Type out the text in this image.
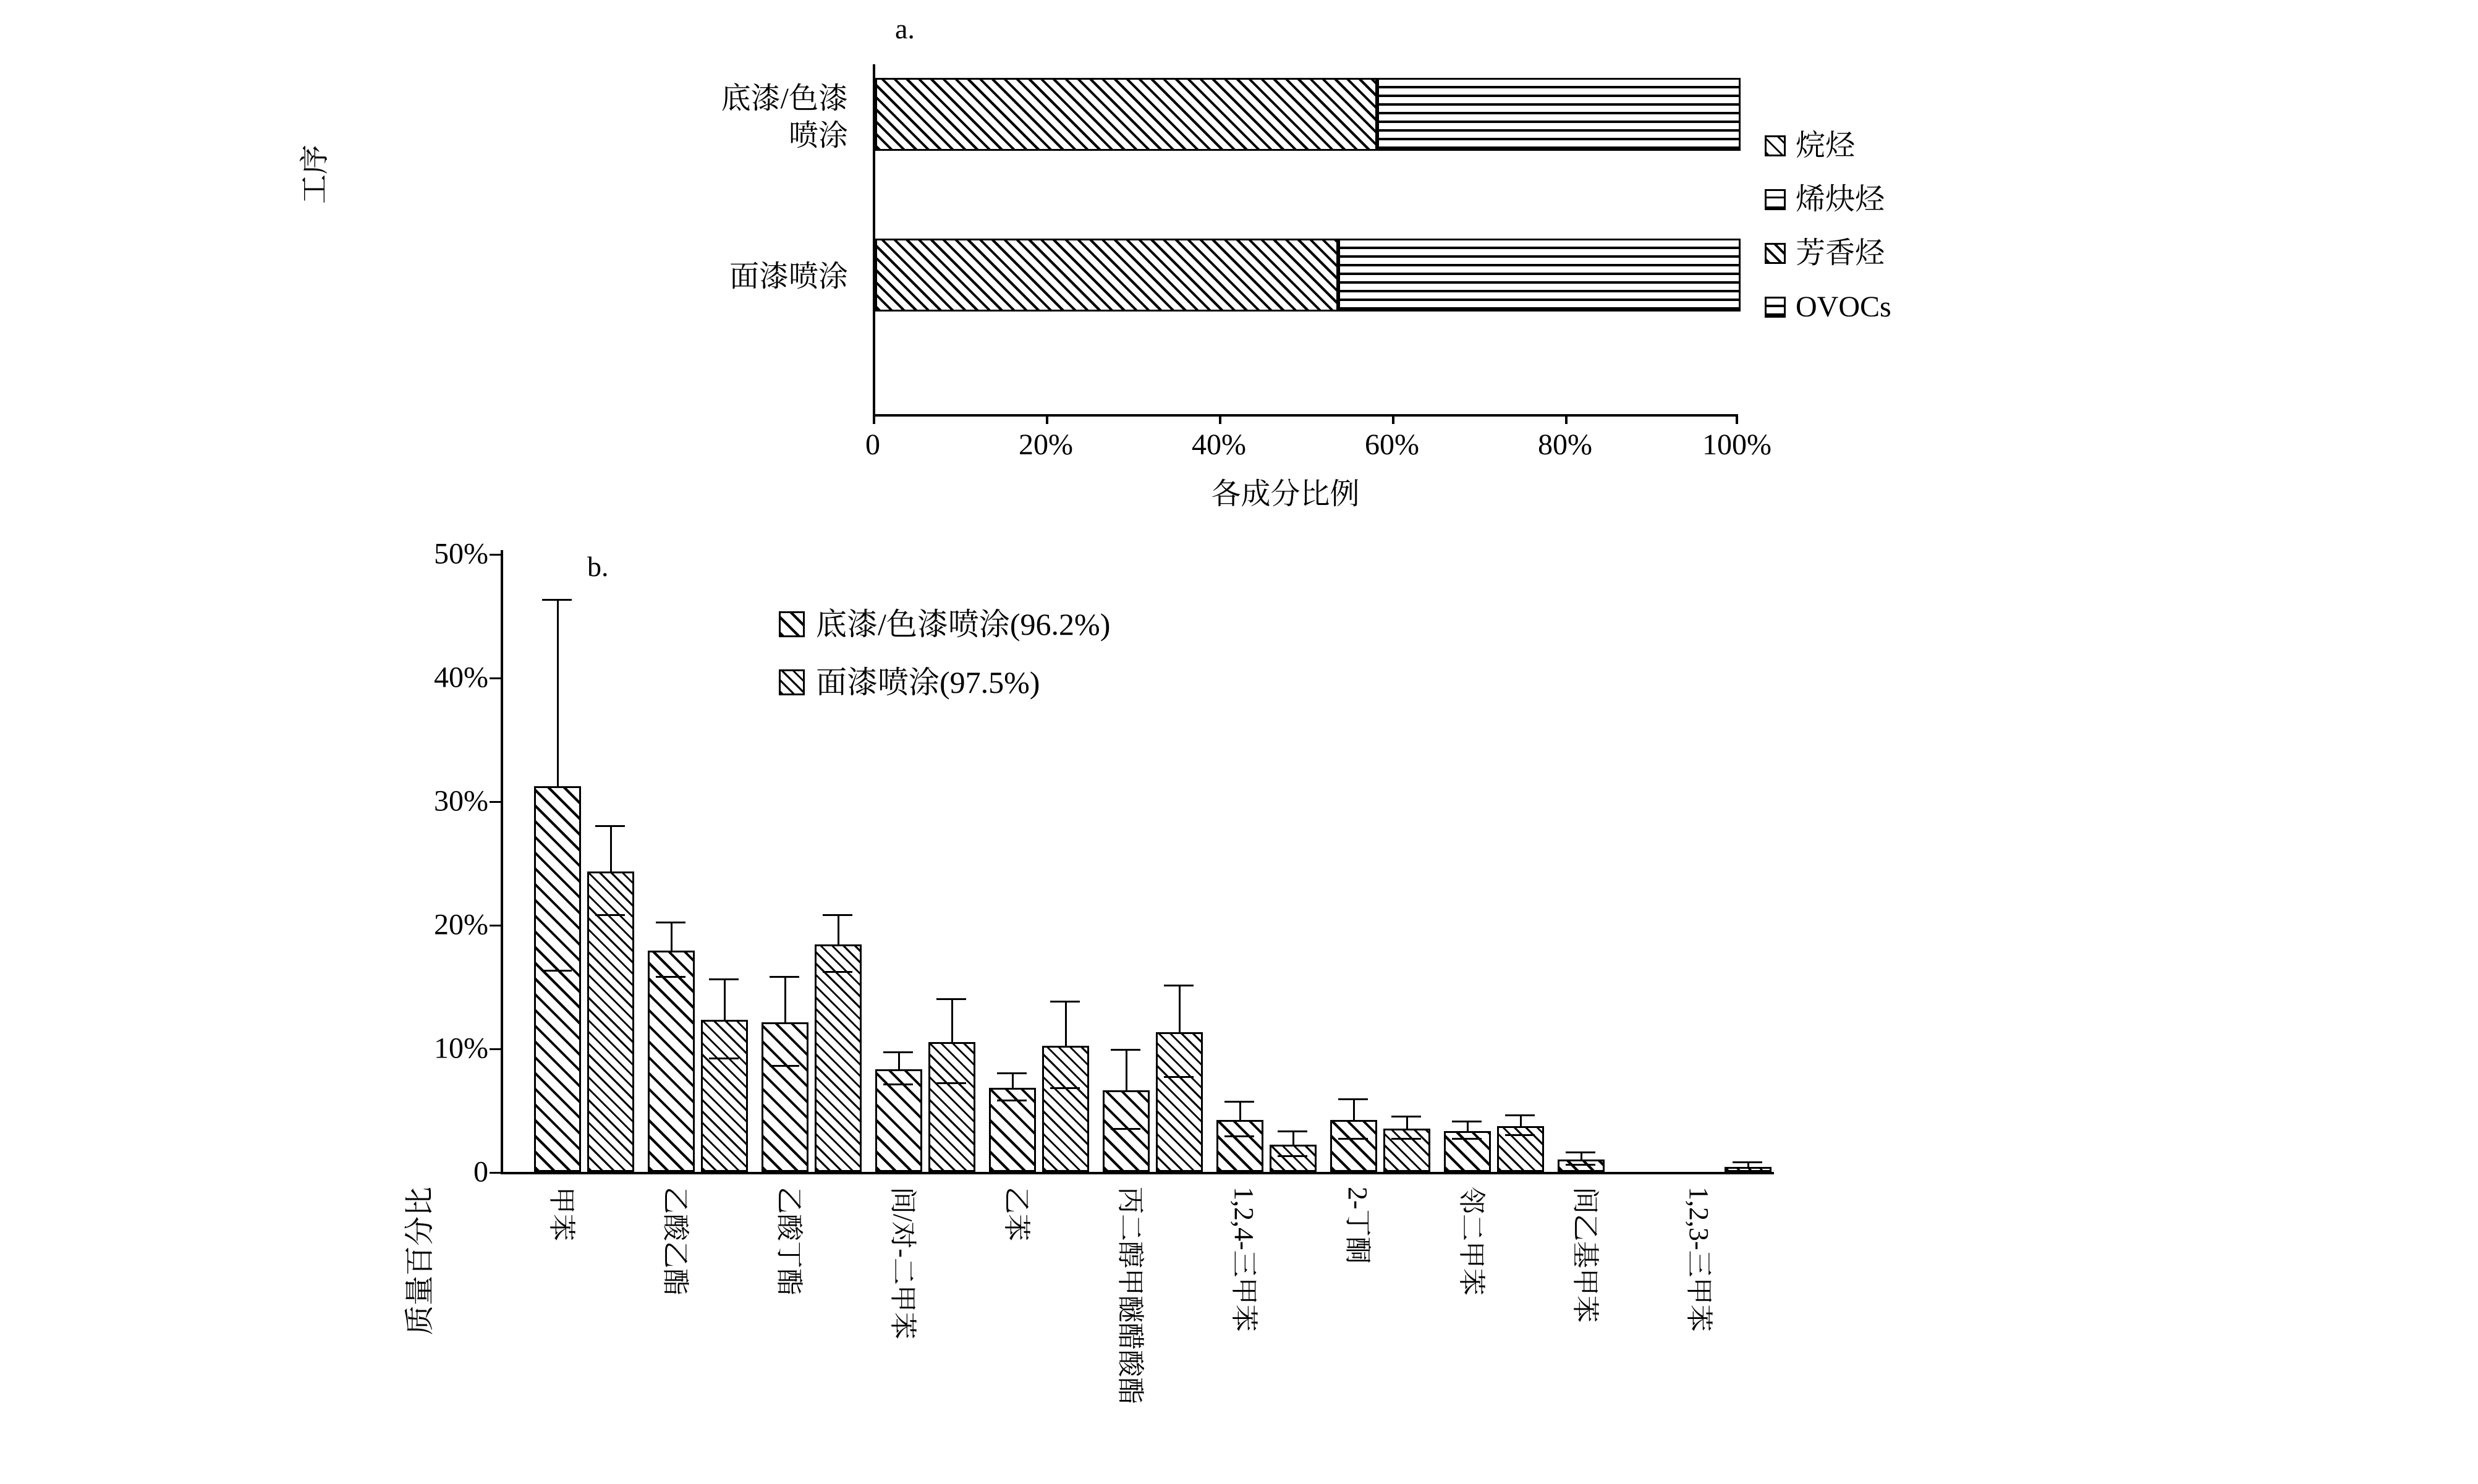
a.
工序
底漆/色漆
喷涂
面漆喷涂
0	20%	40%	60%	80%	100%
各成分比例
烷烃
烯炔烃
芳香烃
OVOCs
b.
质量百分比
0
10%
20%
30%
40%
50%
甲苯	乙酸乙酯	乙酸丁酯	间/对-二甲苯	乙苯	丙二醇甲醚醋酸酯	1,2,4-三甲苯	2-丁酮	邻二甲苯	间乙基甲苯	1,2,3-三甲苯
底漆/色漆喷涂(96.2%)
面漆喷涂(97.5%)
